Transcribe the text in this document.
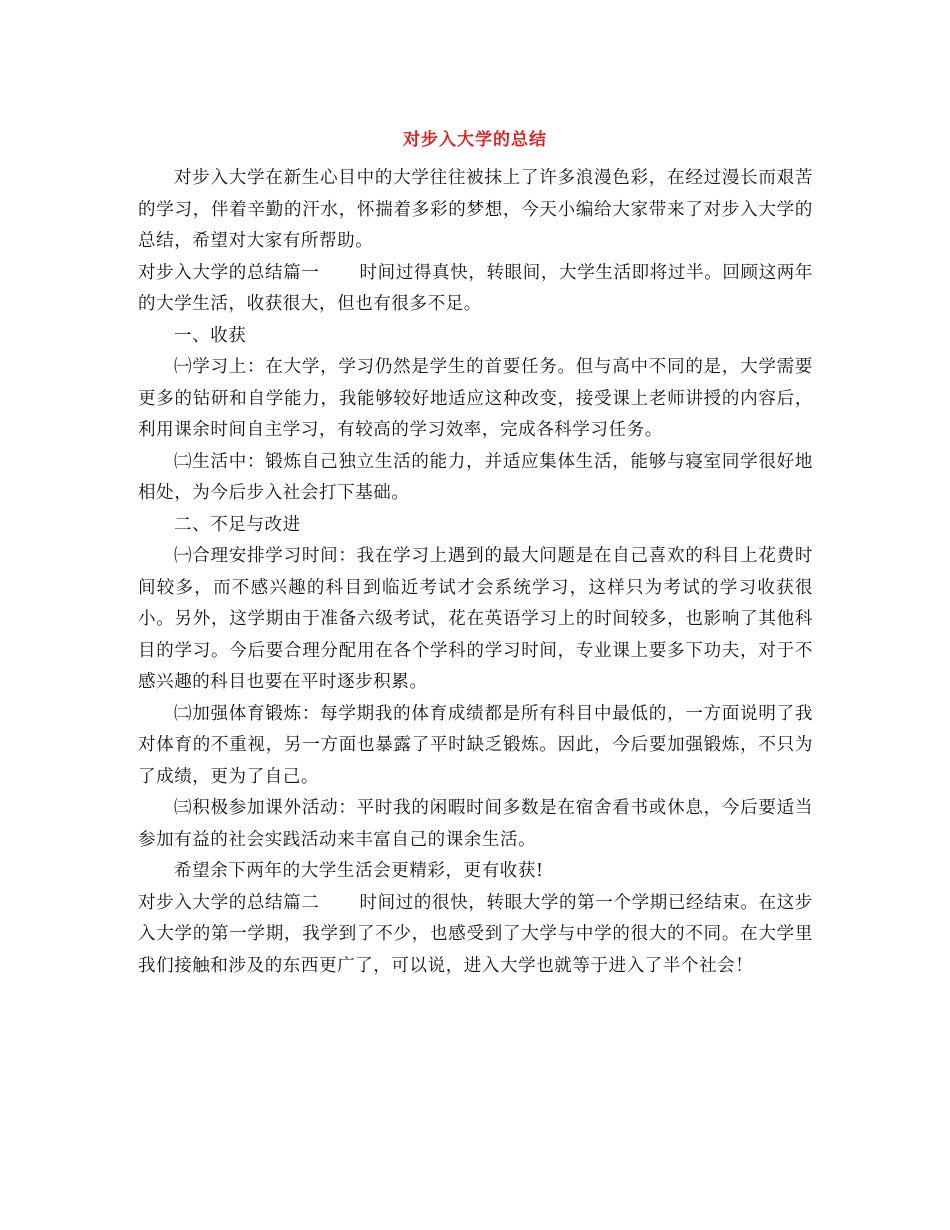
对步入大学的总结

对步入大学在新生心目中的大学往往被抹上了许多浪漫色彩，在经过漫长而艰苦的学习，伴着辛勤的汗水，怀揣着多彩的梦想，今天小编给大家带来了对步入大学的总结，希望对大家有所帮助。

对步入大学的总结篇一 时间过得真快，转眼间，大学生活即将过半。回顾这两年的大学生活，收获很大，但也有很多不足。

一、收获

㈠学习上：在大学，学习仍然是学生的首要任务。但与高中不同的是，大学需要更多的钻研和自学能力，我能够较好地适应这种改变，接受课上老师讲授的内容后，利用课余时间自主学习，有较高的学习效率，完成各科学习任务。

㈡生活中：锻炼自己独立生活的能力，并适应集体生活，能够与寝室同学很好地相处，为今后步入社会打下基础。

二、不足与改进

㈠合理安排学习时间：我在学习上遇到的最大问题是在自己喜欢的科目上花费时间较多，而不感兴趣的科目到临近考试才会系统学习，这样只为考试的学习收获很小。另外，这学期由于准备六级考试，花在英语学习上的时间较多，也影响了其他科目的学习。今后要合理分配用在各个学科的学习时间，专业课上要多下功夫，对于不感兴趣的科目也要在平时逐步积累。

㈡加强体育锻炼：每学期我的体育成绩都是所有科目中最低的，一方面说明了我对体育的不重视，另一方面也暴露了平时缺乏锻炼。因此，今后要加强锻炼，不只为了成绩，更为了自己。

㈢积极参加课外活动：平时我的闲暇时间多数是在宿舍看书或休息，今后要适当参加有益的社会实践活动来丰富自己的课余生活。

希望余下两年的大学生活会更精彩，更有收获!

对步入大学的总结篇二 时间过的很快，转眼大学的第一个学期已经结束。在这步入大学的第一学期，我学到了不少，也感受到了大学与中学的很大的不同。在大学里我们接触和涉及的东西更广了，可以说，进入大学也就等于进入了半个社会！
